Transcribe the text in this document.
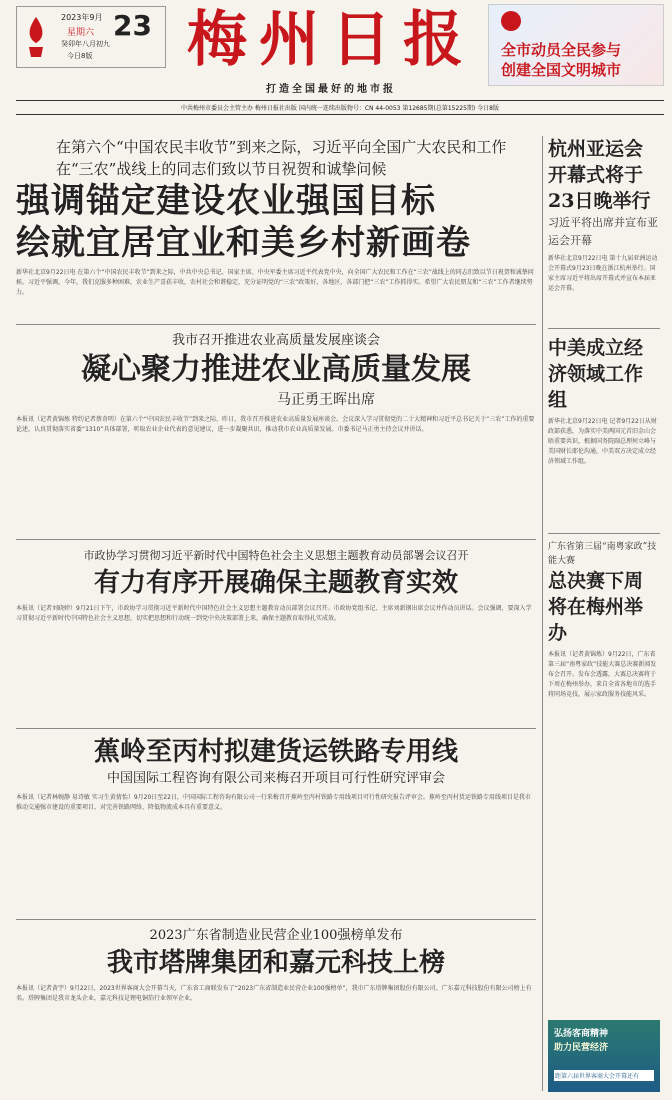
2023年9月
星期六 23
癸卯年八月初九
今日8版 梅州日报
打造全国最好的地市报
全市动员全民参与
创建全国文明城市
中共梅州市委员会主管主办 梅州日报社出版 国内统一连续出版物号：CN 44-0053 第12685期(总第15225期) 今日8版
在第六个“中国农民丰收节”到来之际，习近平向全国广大农民和工作在“三农”战线上的同志们致以节日祝贺和诚挚问候
强调锚定建设农业强国目标
绘就宜居宜业和美乡村新画卷
新华社北京9月22日电 在第六个“中国农民丰收节”到来之际，中共中央总书记、国家主席、中央军委主席习近平代表党中央，向全国广大农民和工作在“三农”战线上的同志们致以节日祝贺和诚挚问候。习近平强调，今年，我们克服多种困难，农业生产喜获丰收，农村社会和谐稳定，充分证明党的“三农”政策好，各地区、各部门把“三农”工作抓得实。希望广大农民朋友和“三农”工作者继续努力。
我市召开推进农业高质量发展座谈会
凝心聚力推进农业高质量发展
马正勇王晖出席
本报讯（记者黄锦炼 特约记者蔡奇明）在第六个“中国农民丰收节”到来之际，昨日，我市召开推进农业高质量发展座谈会。会议深入学习贯彻党的二十大精神和习近平总书记关于“三农”工作的重要论述，认真贯彻落实省委“1310”具体部署，听取农业企业代表的意见建议，进一步凝聚共识，推动我市农业高质量发展。市委书记马正勇主持会议并讲话。
市政协学习贯彻习近平新时代中国特色社会主义思想主题教育动员部署会议召开
有力有序开展确保主题教育实效
本报讯（记者刘晓婷）9月21日下午，市政协学习贯彻习近平新时代中国特色社会主义思想主题教育动员部署会议召开。市政协党组书记、主席刘新钢出席会议并作动员讲话。会议强调，要深入学习贯彻习近平新时代中国特色社会主义思想，切实把思想和行动统一到党中央决策部署上来，确保主题教育取得扎实成效。
蕉岭至丙村拟建货运铁路专用线
中国国际工程咨询有限公司来梅召开项目可行性研究评审会
本报讯（记者林婉静 易诗敏 实习生黄倩怡）9月20日至22日，中国国际工程咨询有限公司一行来梅召开蕉岭至丙村铁路专用线项目可行性研究报告评审会。蕉岭至丙村货运铁路专用线项目是我市推动交通强市建设的重要项目，对完善铁路网络、降低物流成本具有重要意义。
2023广东省制造业民营企业100强榜单发布
我市塔牌集团和嘉元科技上榜
本报讯（记者黄宇）9月22日，2023世界客商大会开幕当天，广东省工商联发布了“2023广东省制造业民营企业100强榜单”，我市广东塔牌集团股份有限公司、广东嘉元科技股份有限公司榜上有名。塔牌集团是我市龙头企业，嘉元科技是锂电铜箔行业领军企业。
杭州亚运会开幕式将于23日晚举行
习近平将出席并宣布亚运会开幕
新华社北京9月22日电 第十九届亚洲运动会开幕式9月23日晚在浙江杭州举行。国家主席习近平将出席开幕式并宣布本届亚运会开幕。
中美成立经济领域工作组
新华社北京9月22日电 记者9月22日从财政部获悉，为落实中美两国元首旧金山会晤重要共识，根据国务院副总理何立峰与美国财长耶伦沟通，中美双方决定成立经济领域工作组。
广东省第三届“南粤家政”技能大赛
总决赛下周将在梅州举办
本报讯（记者黄锦炼）9月22日，广东省第三届“南粤家政”技能大赛总决赛新闻发布会召开。发布会透露，大赛总决赛将于下周在梅州举办，来自全省各地市的选手将同场竞技，展示家政服务技能风采。
弘扬客商精神
助力民营经济
距第六届世界客商大会开幕还有
